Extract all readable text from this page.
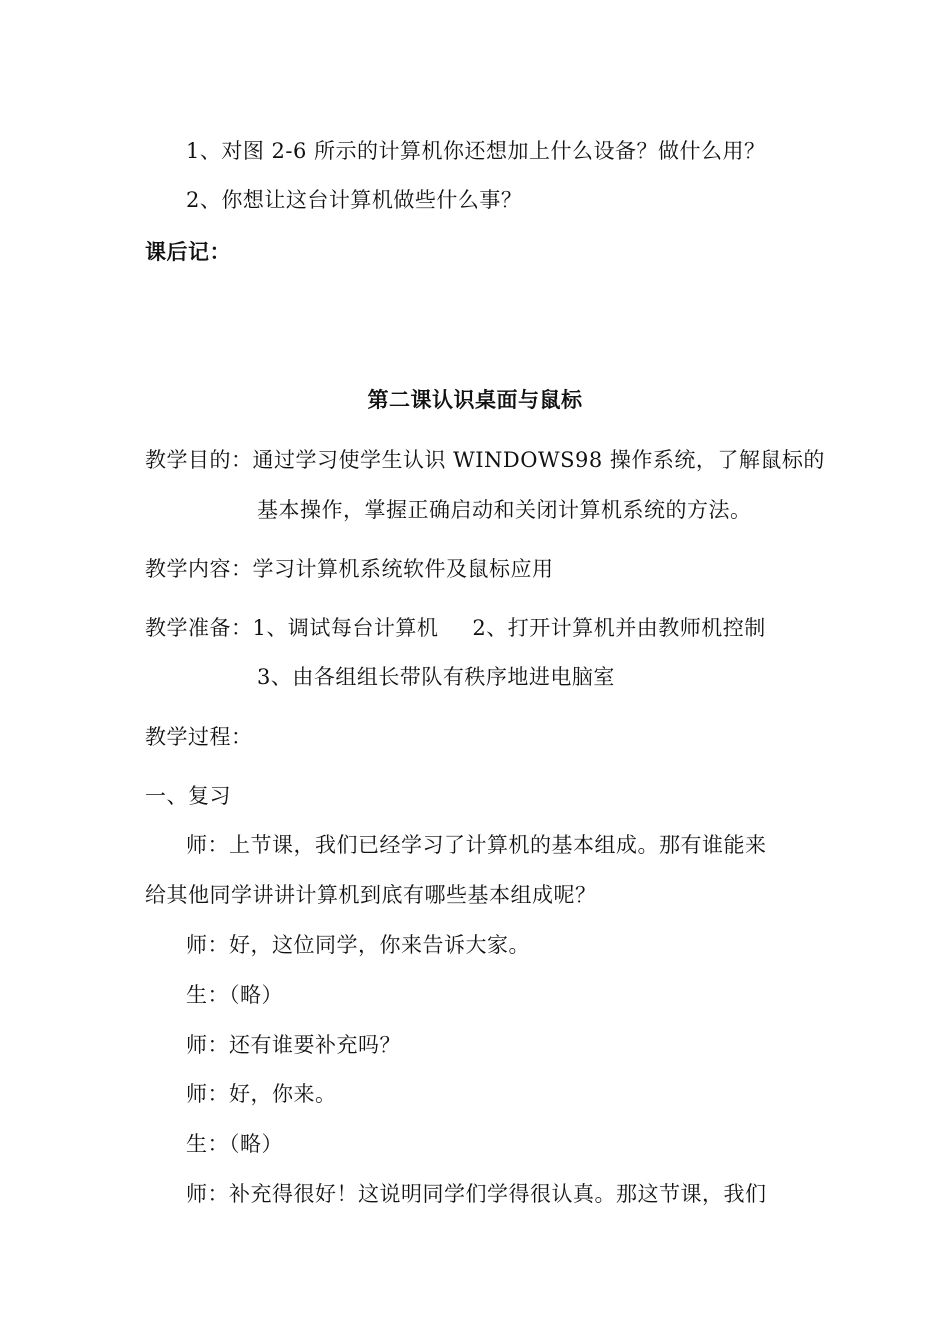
1、对图 2-6 所示的计算机你还想加上什么设备？做什么用？
2、你想让这台计算机做些什么事？
课后记：
第二课认识桌面与鼠标
教学目的：通过学习使学生认识 WINDOWS98 操作系统，了解鼠标的
基本操作，掌握正确启动和关闭计算机系统的方法。
教学内容：学习计算机系统软件及鼠标应用
教学准备：1、调试每台计算机 2、打开计算机并由教师机控制
3、由各组组长带队有秩序地进电脑室
教学过程：
一、复习
师：上节课，我们已经学习了计算机的基本组成。那有谁能来
给其他同学讲讲计算机到底有哪些基本组成呢？
师：好，这位同学，你来告诉大家。
生：（略）
师：还有谁要补充吗？
师：好，你来。
生：（略）
师：补充得很好！这说明同学们学得很认真。那这节课，我们
